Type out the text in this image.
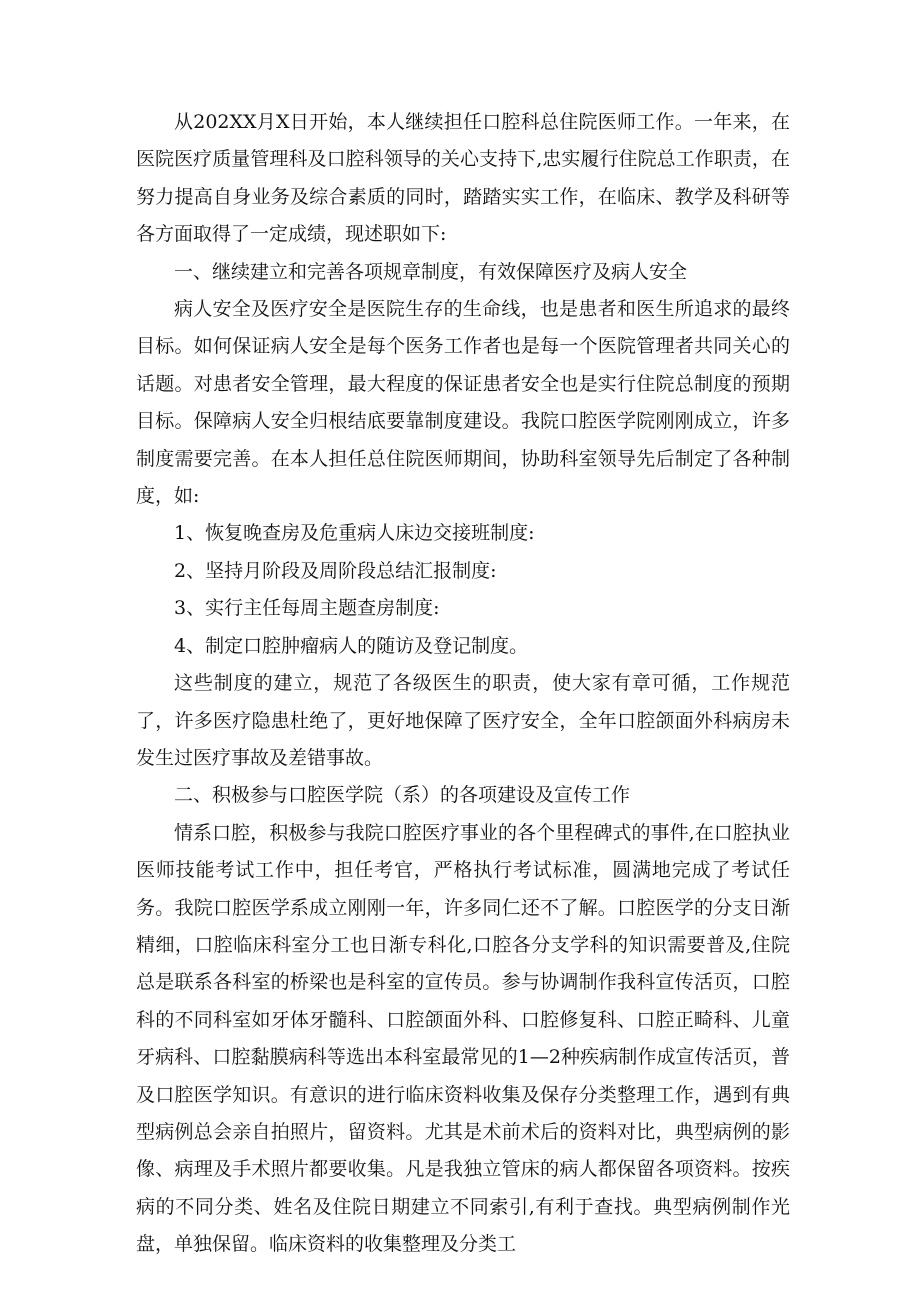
从202XX月X日开始，本人继续担任口腔科总住院医师工作。一年来，在医院医疗质量管理科及口腔科领导的关心支持下,忠实履行住院总工作职责，在努力提高自身业务及综合素质的同时，踏踏实实工作，在临床、教学及科研等各方面取得了一定成绩，现述职如下:

一、继续建立和完善各项规章制度，有效保障医疗及病人安全

病人安全及医疗安全是医院生存的生命线，也是患者和医生所追求的最终目标。如何保证病人安全是每个医务工作者也是每一个医院管理者共同关心的话题。对患者安全管理，最大程度的保证患者安全也是实行住院总制度的预期目标。保障病人安全归根结底要靠制度建设。我院口腔医学院刚刚成立，许多制度需要完善。在本人担任总住院医师期间，协助科室领导先后制定了各种制度，如:

1、恢复晚查房及危重病人床边交接班制度:

2、坚持月阶段及周阶段总结汇报制度:

3、实行主任每周主题查房制度:

4、制定口腔肿瘤病人的随访及登记制度。

这些制度的建立，规范了各级医生的职责，使大家有章可循，工作规范了，许多医疗隐患杜绝了，更好地保障了医疗安全，全年口腔颌面外科病房未发生过医疗事故及差错事故。

二、积极参与口腔医学院（系）的各项建设及宣传工作

情系口腔，积极参与我院口腔医疗事业的各个里程碑式的事件,在口腔执业医师技能考试工作中，担任考官，严格执行考试标准，圆满地完成了考试任务。我院口腔医学系成立刚刚一年，许多同仁还不了解。口腔医学的分支日渐精细，口腔临床科室分工也日渐专科化,口腔各分支学科的知识需要普及,住院总是联系各科室的桥梁也是科室的宣传员。参与协调制作我科宣传活页，口腔科的不同科室如牙体牙髓科、口腔颌面外科、口腔修复科、口腔正畸科、儿童牙病科、口腔黏膜病科等选出本科室最常见的1—2种疾病制作成宣传活页，普及口腔医学知识。有意识的进行临床资料收集及保存分类整理工作，遇到有典型病例总会亲自拍照片，留资料。尤其是术前术后的资料对比，典型病例的影像、病理及手术照片都要收集。凡是我独立管床的病人都保留各项资料。按疾病的不同分类、姓名及住院日期建立不同索引,有利于查找。典型病例制作光盘，单独保留。临床资料的收集整理及分类工
